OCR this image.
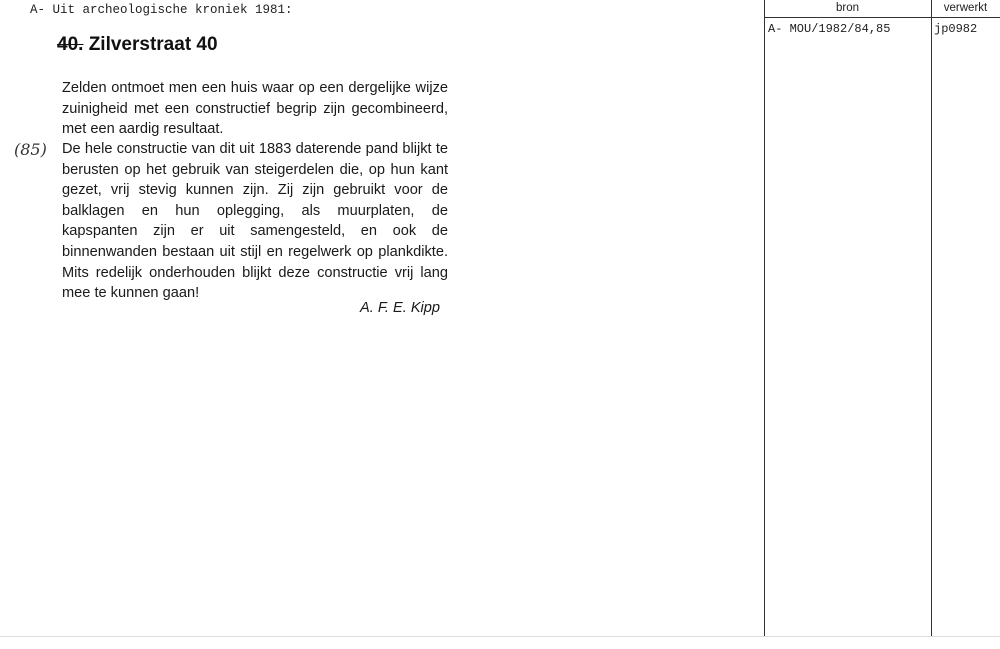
A- Uit archeologische kroniek 1981:
40. Zilverstraat 40
(85)

Zelden ontmoet men een huis waar op een dergelijke wijze zuinigheid met een constructief begrip zijn gecombineerd, met een aardig resultaat.

De hele constructie van dit uit 1883 daterende pand blijkt te berusten op het gebruik van steigerdelen die, op hun kant gezet, vrij stevig kunnen zijn. Zij zijn gebruikt voor de balklagen en hun oplegging, als muurplaten, de kapspanten zijn er uit samengesteld, en ook de binnenwanden bestaan uit stijl en regelwerk op plankdikte. Mits redelijk onderhouden blijkt deze constructie vrij lang mee te kunnen gaan!

A. F. E. Kipp
bron	verwerkt
A- MOU/1982/84,85	jp0982
